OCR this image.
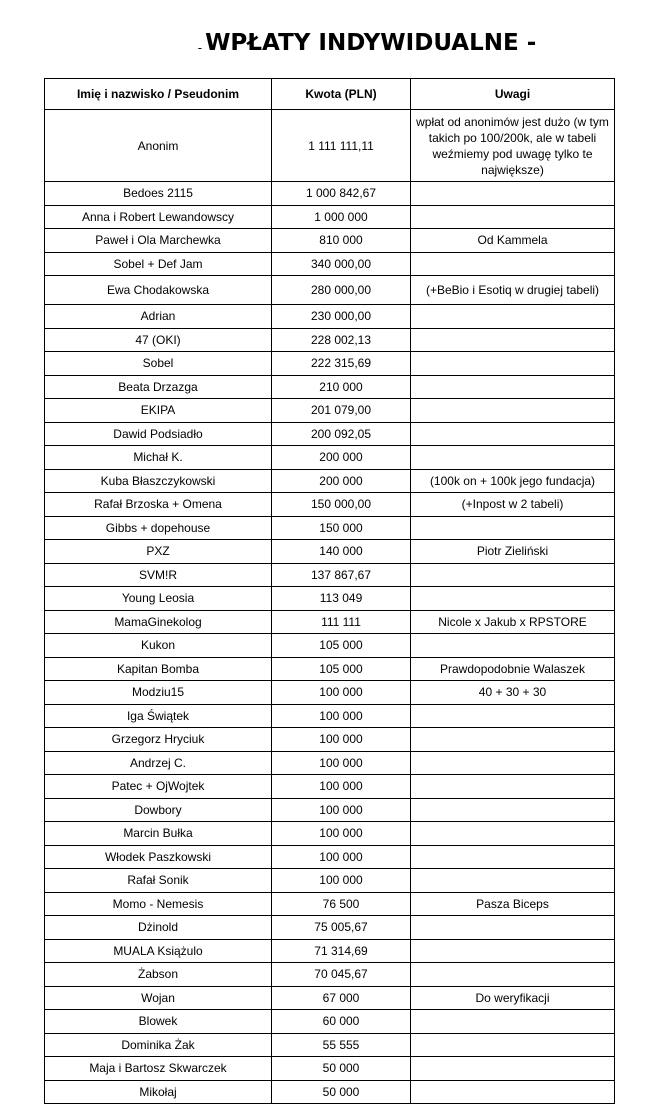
- WPŁATY INDYWIDUALNE -
Imię i nazwisko / Pseudonim	Kwota (PLN)	Uwagi
Anonim	1 111 111,11	wpłat od anonimów jest dużo (w tym takich po 100/200k, ale w tabeli weźmiemy pod uwagę tylko te największe)
Bedoes 2115	1 000 842,67	
Anna i Robert Lewandowscy	1 000 000	
Paweł i Ola Marchewka	810 000	Od Kammela
Sobel + Def Jam	340 000,00	
Ewa Chodakowska	280 000,00	(+BeBio i Esotiq w drugiej tabeli)
Adrian	230 000,00	
47 (OKI)	228 002,13	
Sobel	222 315,69	
Beata Drzazga	210 000	
EKIPA	201 079,00	
Dawid Podsiadło	200 092,05	
Michał K.	200 000	
Kuba Błaszczykowski	200 000	(100k on + 100k jego fundacja)
Rafał Brzoska + Omena	150 000,00	(+Inpost w 2 tabeli)
Gibbs + dopehouse	150 000	
PXZ	140 000	Piotr Zieliński
SVM!R	137 867,67	
Young Leosia	113 049	
MamaGinekolog	111 111	Nicole x Jakub x RPSTORE
Kukon	105 000	
Kapitan Bomba	105 000	Prawdopodobnie Walaszek
Modziu15	100 000	40 + 30 + 30
Iga Świątek	100 000	
Grzegorz Hryciuk	100 000	
Andrzej C.	100 000	
Patec + OjWojtek	100 000	
Dowbory	100 000	
Marcin Bułka	100 000	
Włodek Paszkowski	100 000	
Rafał Sonik	100 000	
Momo - Nemesis	76 500	Pasza Biceps
Dżinold	75 005,67	
MUALA Książulo	71 314,69	
Żabson	70 045,67	
Wojan	67 000	Do weryfikacji
Blowek	60 000	
Dominika Żak	55 555	
Maja i Bartosz Skwarczek	50 000	
Mikołaj	50 000	
